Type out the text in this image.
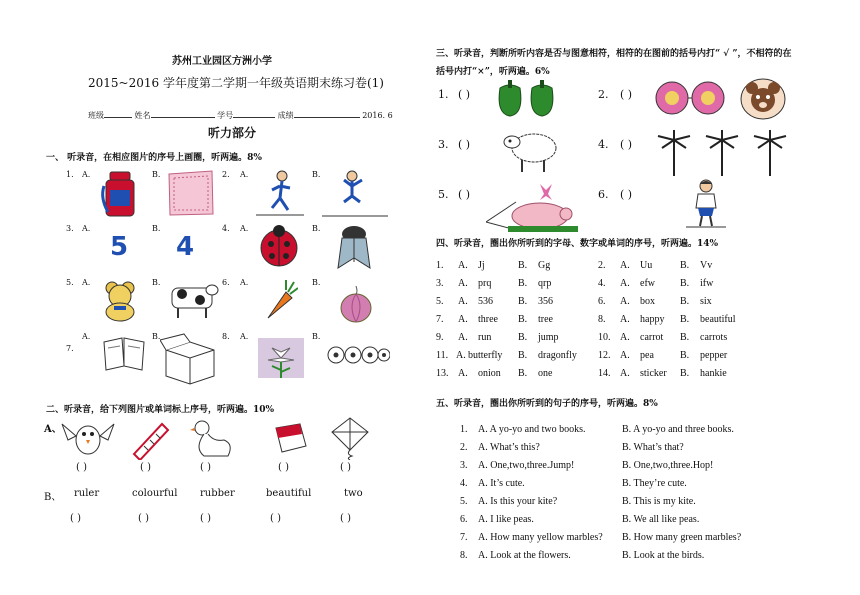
苏州工业园区方洲小学
2015~2016 学年度第二学期一年级英语期末练习卷(1)
班级	姓名	学号	成绩	2016. 6
听力部分
一、 听录音，在相应图片的序号上画圈，听两遍。8%
1. A.	B.	2. A.	B.
3. A.
5
B.
4
4. A.	B.
5. A.	B.	6. A.	B.
A.
7.
B.	8. A.	B.
二、听录音，给下列图片或单词标上序号，听两遍。10%
A、
( )	( )	( )	( )	( )
B、 ruler	colourful rubber	beautiful	two
( )	( )	( )	( )	( )
三、听录音，判断所听内容是否与图意相符，相符的在图前的括号内打“ √ ”，不相符的在
括号内打“×”，听两遍。6%
1. ( )	2. ( )
3. ( )	4. ( )
5. ( )	6. ( )
四、听录音，圈出你所听到的字母、数字或单词的序号，听两遍。14%
1. A. Jj	B. Gg	2. A. Uu	B. Vv
3. A. prq	B. qrp	4. A. efw	B. ifw
5. A. 536	B. 356	6. A. box	B. six
7. A. three B. tree	8. A. happy B. beautiful
9. A. run	B. jump	10. A. carrot B. carrots
11. A. butterfly B. dragonfly 12. A. pea	B. pepper
13. A. onion B. one	14. A. sticker B. hankie
五、听录音，圈出你所听到的句子的序号，听两遍。8%
1. A. A yo-yo and two books.	B. A yo-yo and three books.
2. A. What’s this?	B. What’s that?
3. A. One,two,three.Jump!	B. One,two,three.Hop!
4. A. It’s cute.	B. They’re cute.
5. A. Is this your kite?	B. This is my kite.
6. A. I like peas.	B. We all like peas.
7. A. How many yellow marbles? B. How many green marbles?
8. A. Look at the flowers.	B. Look at the birds.
